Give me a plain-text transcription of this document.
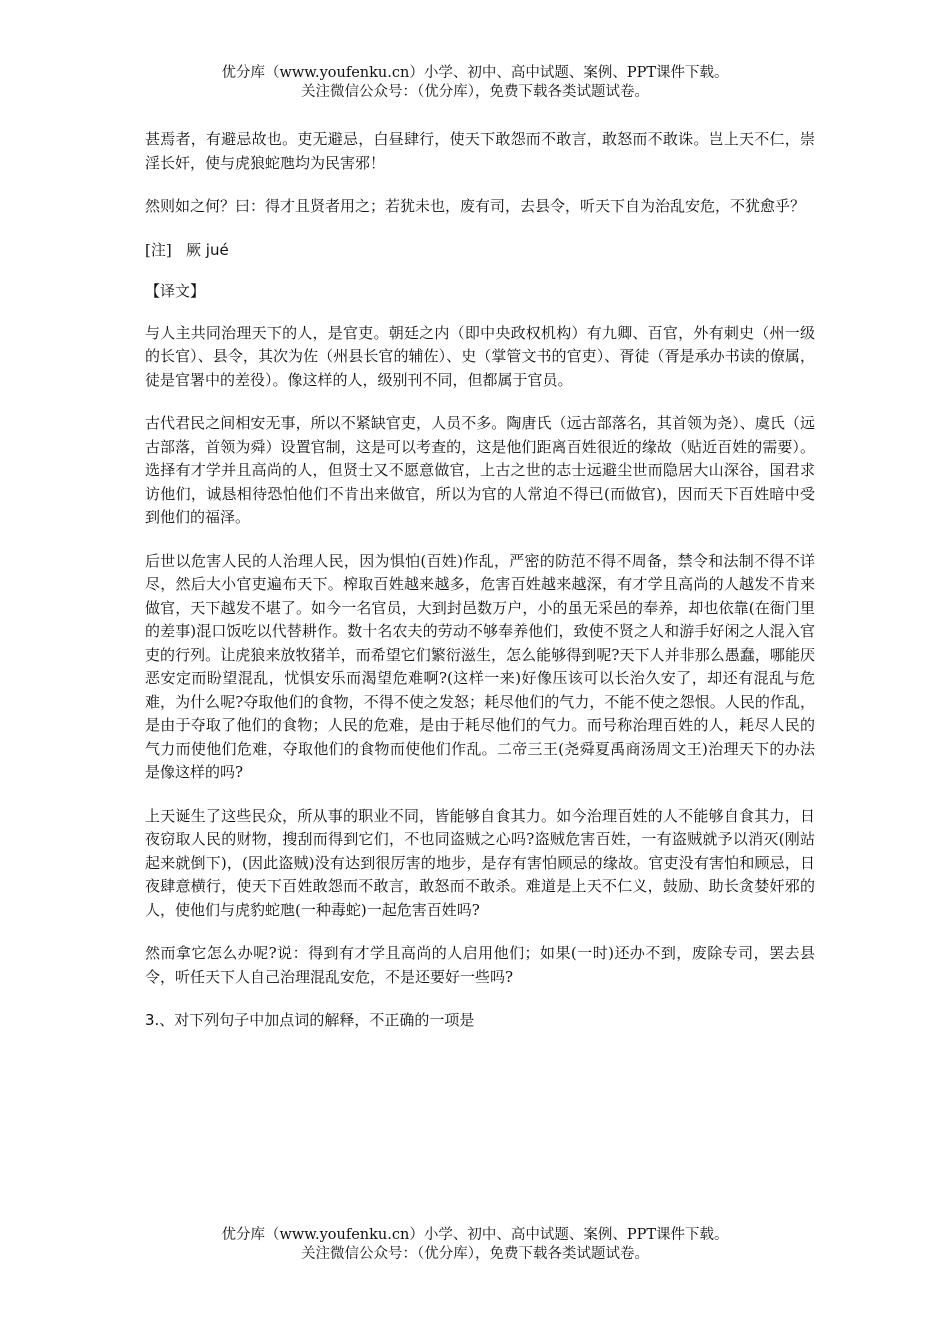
优分库（www.youfenku.cn）小学、初中、高中试题、案例、PPT课件下载。
关注微信公众号：（优分库），免费下载各类试题试卷。

甚焉者，有避忌故也。吏无避忌，白昼肆行，使天下敢怨而不敢言，敢怒而不敢诛。岂上天不仁，崇淫长奸，使与虎狼蛇虺均为民害邪！

然则如之何？曰：得才且贤者用之；若犹未也，废有司，去县令，听天下自为治乱安危，不犹愈乎？

[注] 厥 jué

【译文】

与人主共同治理天下的人，是官吏。朝廷之内（即中央政权机构）有九卿、百官，外有刺史（州一级的长官）、县令，其次为佐（州县长官的辅佐）、史（掌管文书的官吏）、胥徒（胥是承办书读的僚属，徒是官署中的差役）。像这样的人，级别刊不同，但都属于官员。

古代君民之间相安无事，所以不紧缺官吏，人员不多。陶唐氏（远古部落名，其首领为尧）、虞氏（远古部落，首领为舜）设置官制，这是可以考查的，这是他们距离百姓很近的缘故（贴近百姓的需要）。选择有才学并且高尚的人，但贤士又不愿意做官，上古之世的志士远避尘世而隐居大山深谷，国君求访他们，诚恳相待恐怕他们不肯出来做官，所以为官的人常迫不得已(而做官)，因而天下百姓暗中受到他们的福泽。

后世以危害人民的人治理人民，因为惧怕(百姓)作乱，严密的防范不得不周备，禁令和法制不得不详尽，然后大小官吏遍布天下。榨取百姓越来越多，危害百姓越来越深，有才学且高尚的人越发不肯来做官，天下越发不堪了。如今一名官员，大到封邑数万户，小的虽无采邑的奉养，却也依靠(在衙门里的差事)混口饭吃以代替耕作。数十名农夫的劳动不够奉养他们，致使不贤之人和游手好闲之人混入官吏的行列。让虎狼来放牧猪羊，而希望它们繁衍滋生，怎么能够得到呢?天下人并非那么愚蠢，哪能厌恶安定而盼望混乱，忧惧安乐而渴望危难啊?(这样一来)好像压该可以长治久安了，却还有混乱与危难，为什么呢?夺取他们的食物，不得不使之发怒；耗尽他们的气力，不能不使之怨恨。人民的作乱，是由于夺取了他们的食物；人民的危难，是由于耗尽他们的气力。而号称治理百姓的人，耗尽人民的气力而使他们危难，夺取他们的食物而使他们作乱。二帝三王(尧舜夏禹商汤周文王)治理天下的办法是像这样的吗?

上天诞生了这些民众，所从事的职业不同，皆能够自食其力。如今治理百姓的人不能够自食其力，日夜窃取人民的财物，搜刮而得到它们，不也同盗贼之心吗?盗贼危害百姓，一有盗贼就予以消灭(刚站起来就倒下)，(因此盗贼)没有达到很厉害的地步，是存有害怕顾忌的缘故。官吏没有害怕和顾忌，日夜肆意横行，使天下百姓敢怨而不敢言，敢怒而不敢杀。难道是上天不仁义，鼓励、助长贪婪奸邪的人，使他们与虎豹蛇虺(一种毒蛇)一起危害百姓吗?

然而拿它怎么办呢?说：得到有才学且高尚的人启用他们；如果(一时)还办不到，废除专司，罢去县令，听任天下人自己治理混乱安危，不是还要好一些吗?

3.、对下列句子中加点词的解释，不正确的一项是

优分库（www.youfenku.cn）小学、初中、高中试题、案例、PPT课件下载。
关注微信公众号：（优分库），免费下载各类试题试卷。
